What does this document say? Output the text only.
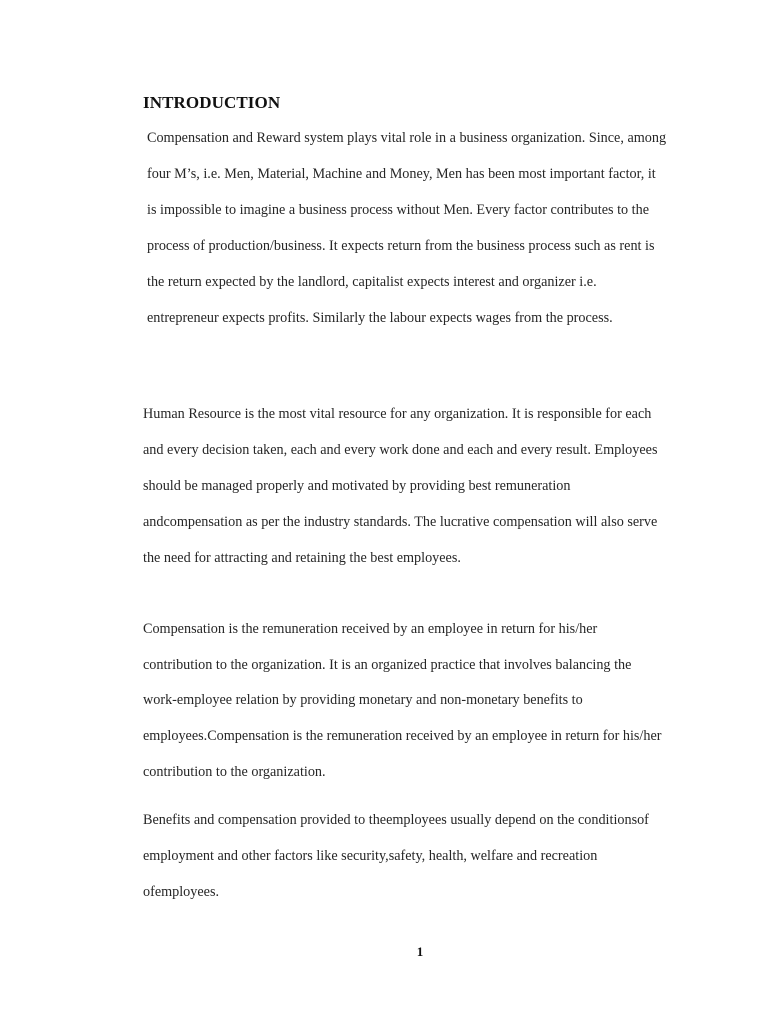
INTRODUCTION
Compensation and Reward system plays vital role in a business organization. Since, among
four M’s, i.e. Men, Material, Machine and Money, Men has been most important factor, it
is impossible to imagine a business process without Men. Every factor contributes to the
process of production/business. It expects return from the business process such as rent is
the return expected by the landlord, capitalist expects interest and organizer i.e.
entrepreneur expects profits. Similarly the labour expects wages from the process.
Human Resource is the most vital resource for any organization. It is responsible for each
and every decision taken, each and every work done and each and every result. Employees
should be managed properly and motivated by providing best remuneration
andcompensation as per the industry standards. The lucrative compensation will also serve
the need for attracting and retaining the best employees.
Compensation is the remuneration received by an employee in return for his/her
contribution to the organization. It is an organized practice that involves balancing the
work-employee relation by providing monetary and non-monetary benefits to
employees.Compensation is the remuneration received by an employee in return for his/her
contribution to the organization.
Benefits and compensation provided to theemployees usually depend on the conditionsof
employment and other factors like security,safety, health, welfare and recreation
ofemployees.
1
